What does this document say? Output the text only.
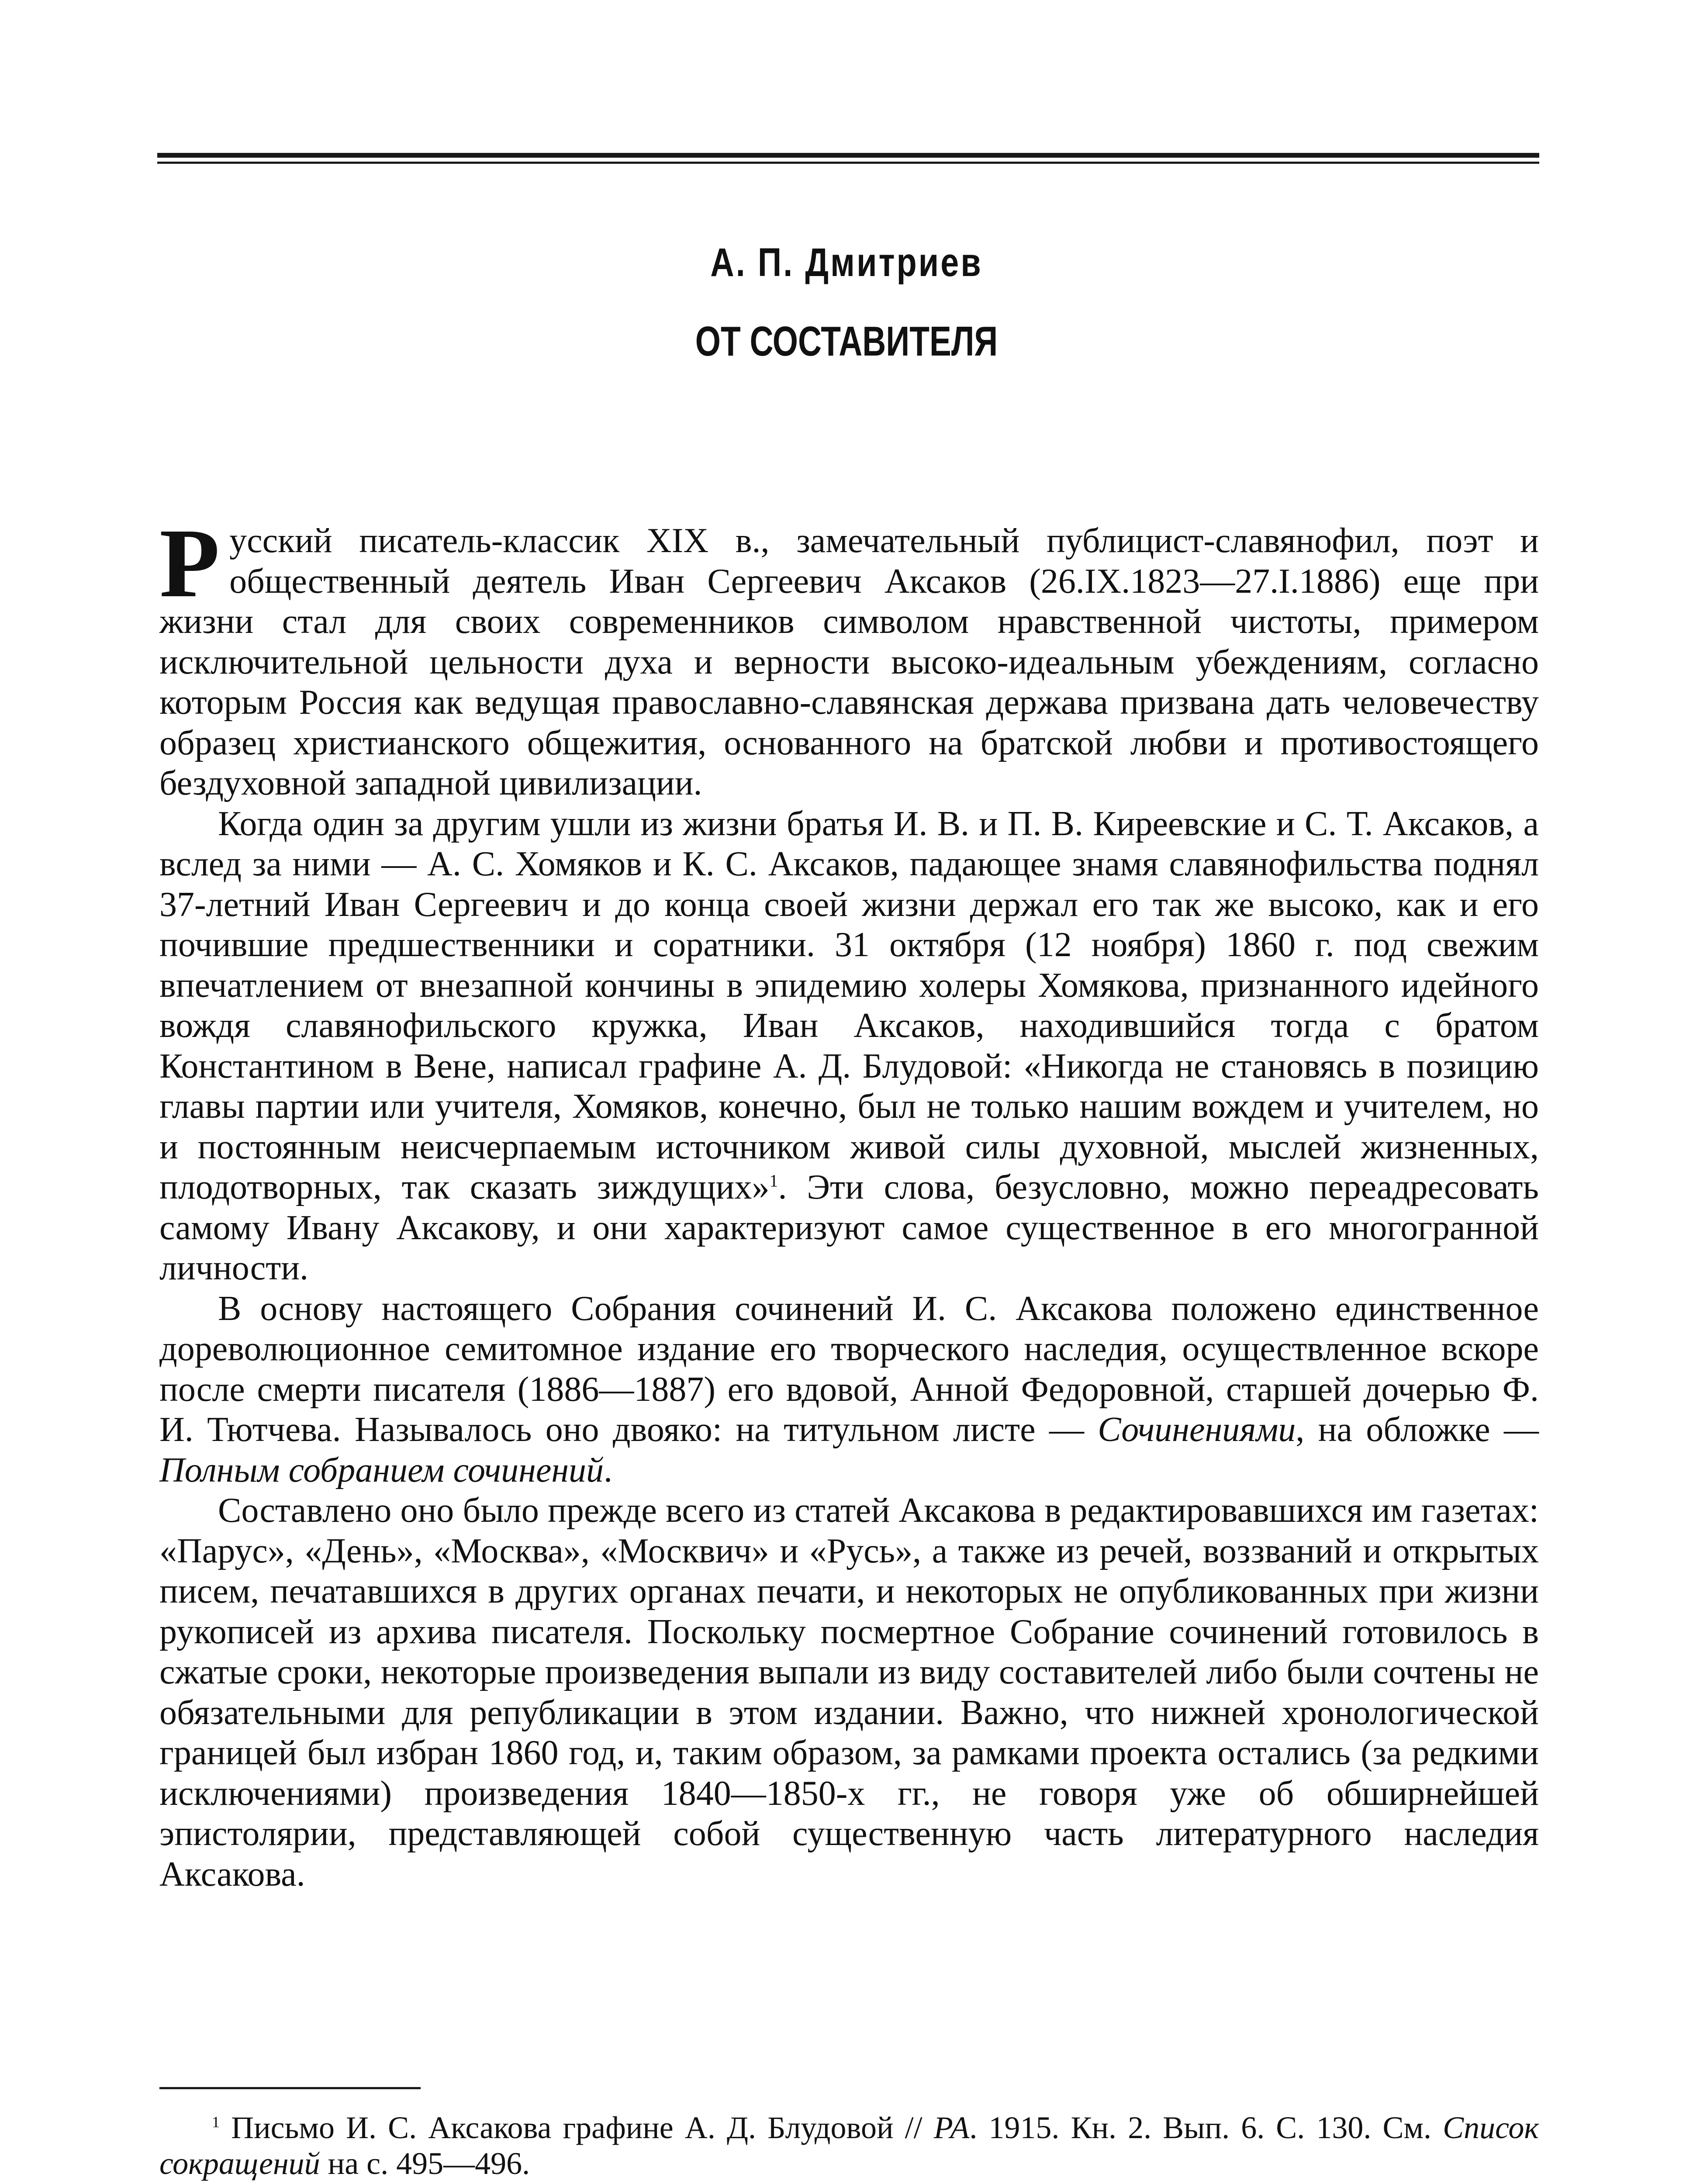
А. П. Дмитриев
ОТ СОСТАВИТЕЛЯ

Русский писатель-классик XIX в., замечательный публицист-славянофил, поэт и общественный деятель Иван Сергеевич Аксаков (26.IX.1823—27.I.1886) еще при жизни стал для своих современников символом нравственной чистоты, примером исключительной цельности духа и верности высоко-идеальным убеждениям, согласно которым Россия как ведущая православно-славянская держава призвана дать человечеству образец христианского общежития, основанного на братской любви и противостоящего бездуховной западной цивилизации.

Когда один за другим ушли из жизни братья И. В. и П. В. Киреевские и С. Т. Аксаков, а вслед за ними — А. С. Хомяков и К. С. Аксаков, падающее знамя славянофильства поднял 37-летний Иван Сергеевич и до конца своей жизни держал его так же высоко, как и его почившие предшественники и соратники. 31 октября (12 ноября) 1860 г. под свежим впечатлением от внезапной кончины в эпидемию холеры Хомякова, признанного идейного вождя славянофильского кружка, Иван Аксаков, находившийся тогда с братом Константином в Вене, написал графине А. Д. Блудовой: «Никогда не становясь в позицию главы партии или учителя, Хомяков, конечно, был не только нашим вождем и учителем, но и постоянным неисчерпаемым источником живой силы духовной, мыслей жизненных, плодотворных, так сказать зиждущих»$^1$. Эти слова, безусловно, можно переадресовать самому Ивану Аксакову, и они характеризуют самое существенное в его многогранной личности.

В основу настоящего Собрания сочинений И. С. Аксакова положено единственное дореволюционное семитомное издание его творческого наследия, осуществленное вскоре после смерти писателя (1886—1887) его вдовой, Анной Федоровной, старшей дочерью Ф. И. Тютчева. Называлось оно двояко: на титульном листе — Сочинениями, на обложке — Полным собранием сочинений.

Составлено оно было прежде всего из статей Аксакова в редактировавшихся им газетах: «Парус», «День», «Москва», «Москвич» и «Русь», а также из речей, воззваний и открытых писем, печатавшихся в других органах печати, и некоторых не опубликованных при жизни рукописей из архива писателя. Поскольку посмертное Собрание сочинений готовилось в сжатые сроки, некоторые произведения выпали из виду составителей либо были сочтены не обязательными для републикации в этом издании. Важно, что нижней хронологической границей был избран 1860 год, и, таким образом, за рамками проекта остались (за редкими исключениями) произведения 1840—1850-х гг., не говоря уже об обширнейшей эпистолярии, представляющей собой существенную часть литературного наследия Аксакова.

$^1$ Письмо И. С. Аксакова графине А. Д. Блудовой // РА. 1915. Кн. 2. Вып. 6. С. 130. См. Список сокращений на с. 495—496.
